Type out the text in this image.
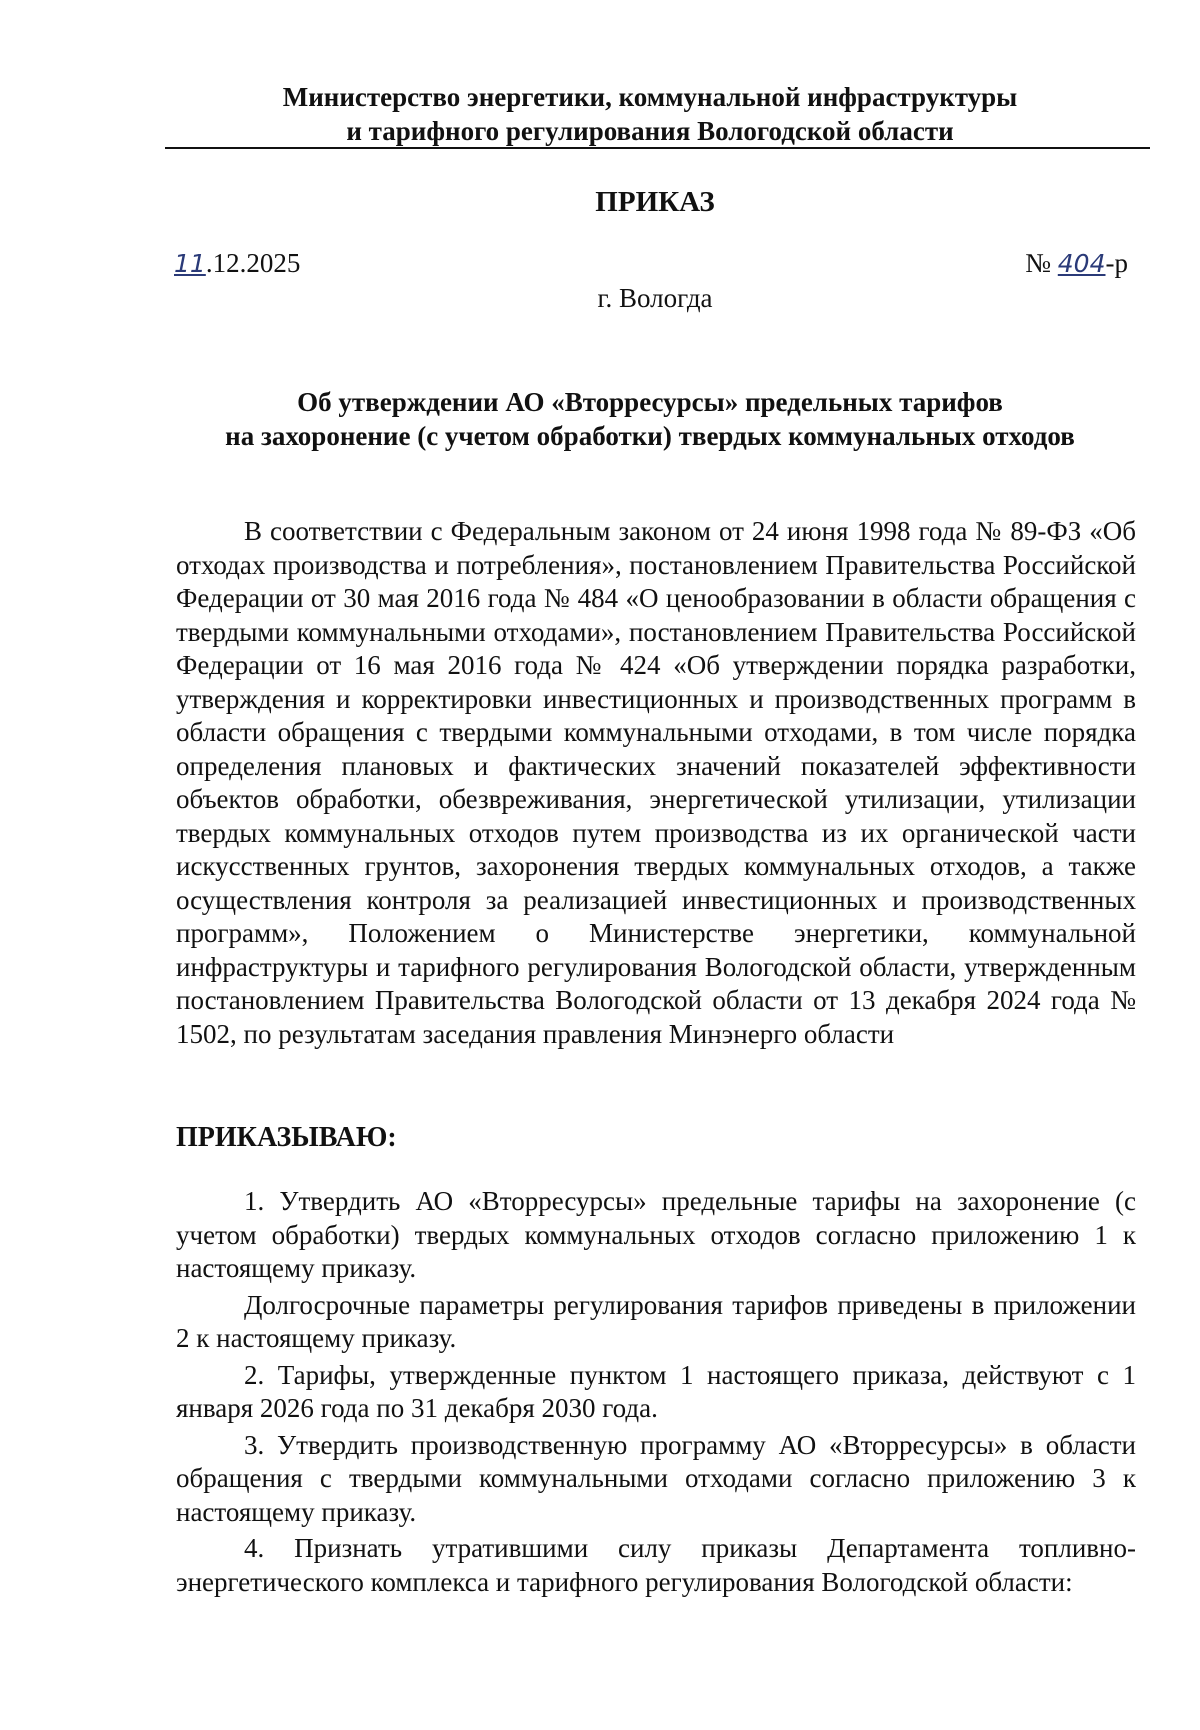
Министерство энергетики, коммунальной инфраструктуры
и тарифного регулирования Вологодской области
ПРИКАЗ
11.12.2025	№ 404-р
г. Вологда
Об утверждении АО «Вторресурсы» предельных тарифов
на захоронение (с учетом обработки) твердых коммунальных отходов

В соответствии с Федеральным законом от 24 июня 1998 года № 89-ФЗ «Об отходах производства и потребления», постановлением Правительства Российской Федерации от 30 мая 2016 года № 484 «О ценообразовании в области обращения с твердыми коммунальными отходами», постановлением Правительства Российской Федерации от 16 мая 2016 года № 424 «Об утверждении порядка разработки, утверждения и корректировки инвестиционных и производственных программ в области обращения с твердыми коммунальными отходами, в том числе порядка определения плановых и фактических значений показателей эффективности объектов обработки, обезвреживания, энергетической утилизации, утилизации твердых коммунальных отходов путем производства из их органической части искусственных грунтов, захоронения твердых коммунальных отходов, а также осуществления контроля за реализацией инвестиционных и производственных программ», Положением о Министерстве энергетики, коммунальной инфраструктуры и тарифного регулирования Вологодской области, утвержденным постановлением Правительства Вологодской области от 13 декабря 2024 года № 1502, по результатам заседания правления Минэнерго области

ПРИКАЗЫВАЮ:

1. Утвердить АО «Вторресурсы» предельные тарифы на захоронение (с учетом обработки) твердых коммунальных отходов согласно приложению 1 к настоящему приказу.

Долгосрочные параметры регулирования тарифов приведены в приложении 2 к настоящему приказу.

2. Тарифы, утвержденные пунктом 1 настоящего приказа, действуют с 1 января 2026 года по 31 декабря 2030 года.

3. Утвердить производственную программу АО «Вторресурсы» в области обращения с твердыми коммунальными отходами согласно приложению 3 к настоящему приказу.

4. Признать утратившими силу приказы Департамента топливно-энергетического комплекса и тарифного регулирования Вологодской области:
